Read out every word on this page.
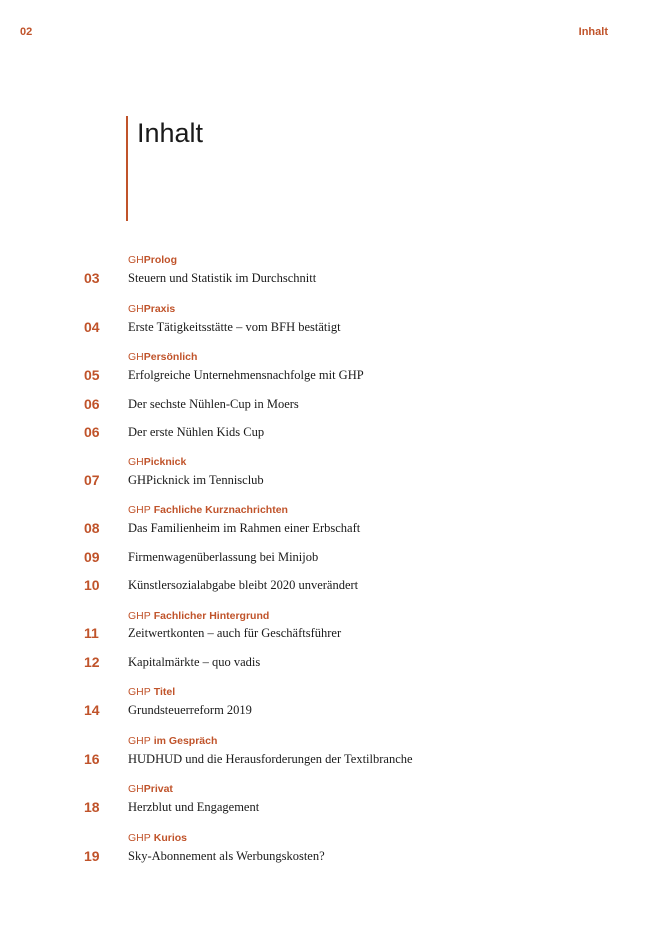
02	Inhalt
Inhalt
GHProlog
03	Steuern und Statistik im Durchschnitt
GHPraxis
04	Erste Tätigkeitsstätte – vom BFH bestätigt
GHPersönlich
05	Erfolgreiche Unternehmensnachfolge mit GHP
06	Der sechste Nühlen-Cup in Moers
06	Der erste Nühlen Kids Cup
GHPicknick
07	GHPicknick im Tennisclub
GHP Fachliche Kurznachrichten
08	Das Familienheim im Rahmen einer Erbschaft
09	Firmenwagenüberlassung bei Minijob
10	Künstlersozialabgabe bleibt 2020 unverändert
GHP Fachlicher Hintergrund
11	Zeitwertkonten – auch für Geschäftsführer
12	Kapitalmärkte – quo vadis
GHP Titel
14	Grundsteuerreform 2019
GHP im Gespräch
16	HUDHUD und die Herausforderungen der Textilbranche
GHPrivat
18	Herzblut und Engagement
GHP Kurios
19	Sky-Abonnement als Werbungskosten?
